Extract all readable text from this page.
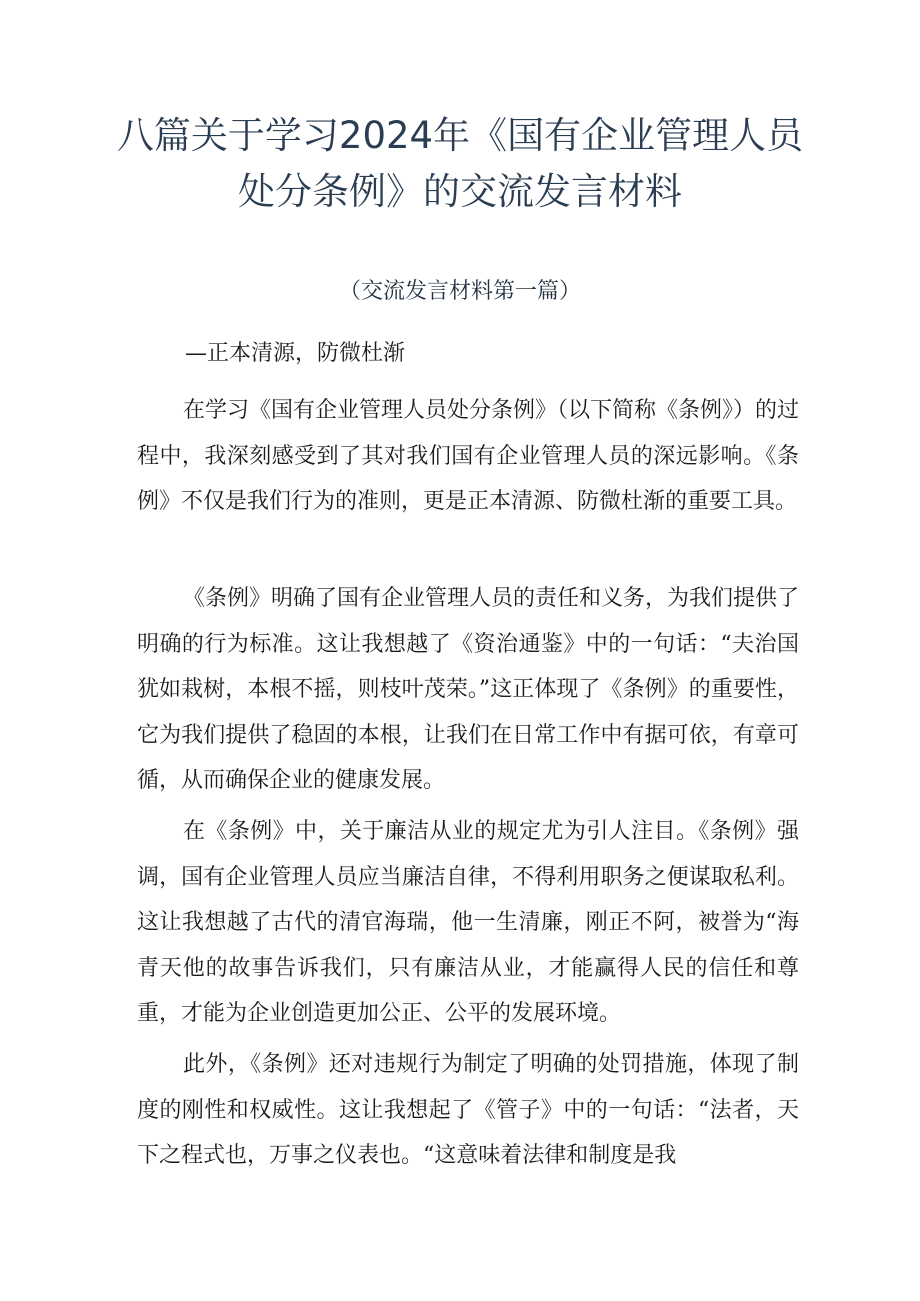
八篇关于学习2024年《国有企业管理人员
处分条例》的交流发言材料
（交流发言材料第一篇）
—正本清源，防微杜渐

在学习《国有企业管理人员处分条例》（以下简称《条例》）的过程中，我深刻感受到了其对我们国有企业管理人员的深远影响。《条例》不仅是我们行为的准则，更是正本清源、防微杜渐的重要工具。

《条例》明确了国有企业管理人员的责任和义务，为我们提供了明确的行为标准。这让我想越了《资治通鉴》中的一句话：“夫治国犹如栽树，本根不摇，则枝叶茂荣。”这正体现了《条例》的重要性，它为我们提供了稳固的本根，让我们在日常工作中有据可依，有章可循，从而确保企业的健康发展。

在《条例》中，关于廉洁从业的规定尤为引人注目。《条例》强调，国有企业管理人员应当廉洁自律，不得利用职务之便谋取私利。这让我想越了古代的清官海瑞，他一生清廉，刚正不阿，被誉为“海青天他的故事告诉我们，只有廉洁从业，才能赢得人民的信任和尊重，才能为企业创造更加公正、公平的发展环境。

此外，《条例》还对违规行为制定了明确的处罚措施，体现了制度的刚性和权威性。这让我想起了《管子》中的一句话：“法者，天下之程式也，万事之仪表也。“这意味着法律和制度是我
